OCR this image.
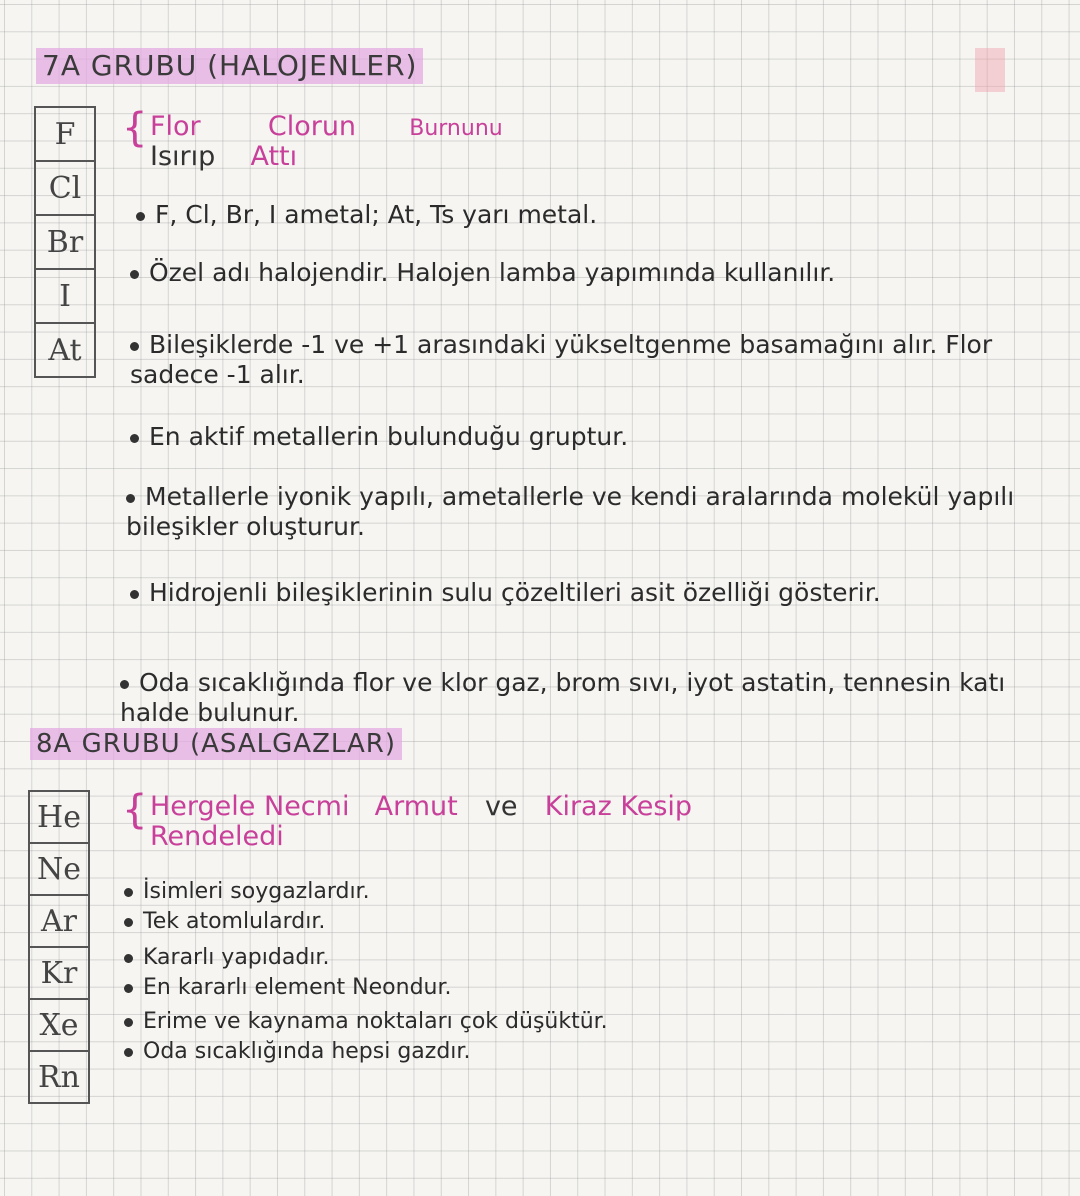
7A GRUBU (HALOJENLER)
F
Cl
Br
I
At
{ Flor Clorun Burnunu
Isırıp Attı
F, Cl, Br, I ametal; At, Ts yarı metal.
Özel adı halojendir. Halojen lamba yapımında kullanılır.
Bileşiklerde -1 ve +1 arasındaki yükseltgenme basamağını alır. Flor sadece -1 alır.
En aktif metallerin bulunduğu gruptur.
Metallerle iyonik yapılı, ametallerle ve kendi aralarında molekül yapılı bileşikler oluşturur.
Hidrojenli bileşiklerinin sulu çözeltileri asit özelliği gösterir.
Oda sıcaklığında flor ve klor gaz, brom sıvı, iyot astatin, tennesin katı halde bulunur.
8A GRUBU (ASALGAZLAR)
He
Ne
Ar
Kr
Xe
Rn
{ Hergele Necmi Armut ve Kiraz Kesip
Rendeledi
İsimleri soygazlardır.
Tek atomlulardır.
Kararlı yapıdadır.
En kararlı element Neondur.
Erime ve kaynama noktaları çok düşüktür.
Oda sıcaklığında hepsi gazdır.
